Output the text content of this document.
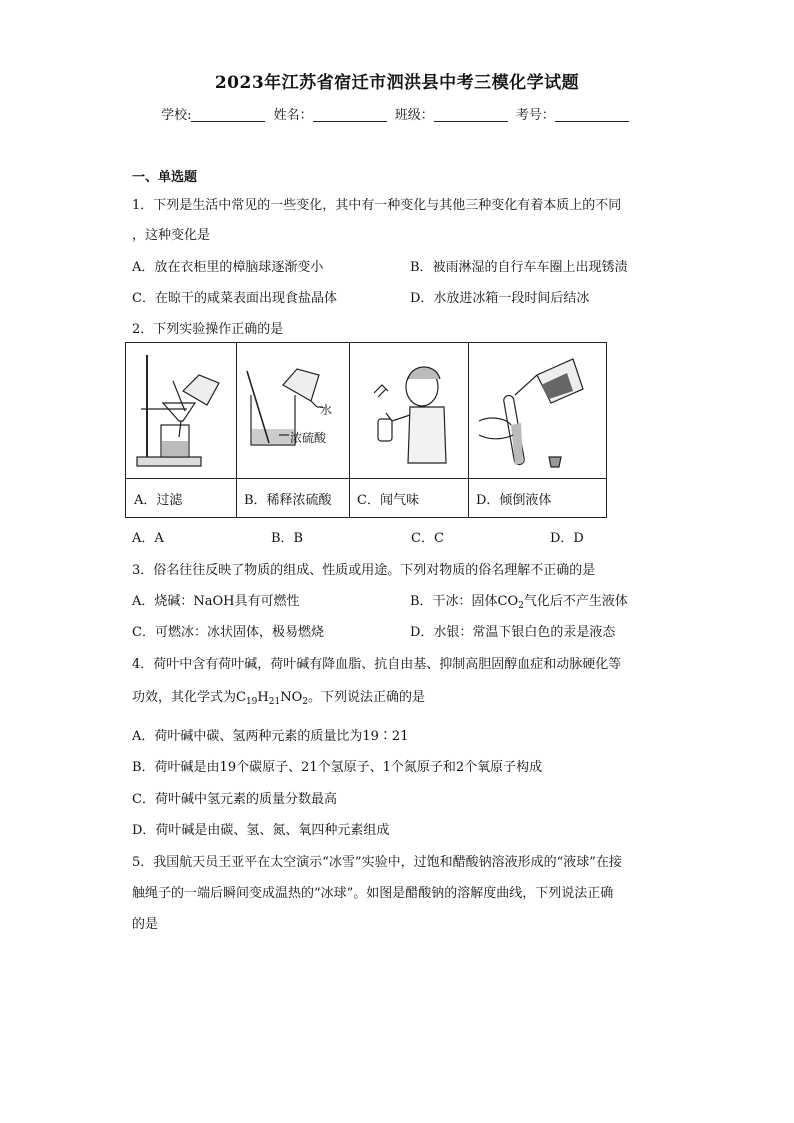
2023年江苏省宿迁市泗洪县中考三模化学试题
学校:	姓名：	班级：	考号：
一、单选题
1．下列是生活中常见的一些变化，其中有一种变化与其他三种变化有着本质上的不同
，这种变化是
A．放在衣柜里的樟脑球逐渐变小	B．被雨淋湿的自行车车圈上出现锈渍
C．在晾干的咸菜表面出现食盐晶体	D．水放进冰箱一段时间后结冰
2．下列实验操作正确的是
水
浓硫酸
A．过滤	B．稀释浓硫酸 C．闻气味	D．倾倒液体
A．A	B．B	C．C	D．D
3．俗名往往反映了物质的组成、性质或用途。下列对物质的俗名理解不正确的是
A．烧碱：NaOH具有可燃性	B．干冰：固体$CO_2$气化后不产生液体
C．可燃冰：冰状固体，极易燃烧	D．水银：常温下银白色的汞是液态
4．荷叶中含有荷叶碱，荷叶碱有降血脂、抗自由基、抑制高胆固醇血症和动脉硬化等
功效，其化学式为$C_{19}H_{21}NO_2$。下列说法正确的是
A．荷叶碱中碳、氢两种元素的质量比为19∶21
B．荷叶碱是由19个碳原子、21个氢原子、1个氮原子和2个氧原子构成
C．荷叶碱中氢元素的质量分数最高
D．荷叶碱是由碳、氢、氮、氧四种元素组成
5．我国航天员王亚平在太空演示“冰雪”实验中，过饱和醋酸钠溶液形成的“液球”在接
触绳子的一端后瞬间变成温热的“冰球”。如图是醋酸钠的溶解度曲线，下列说法正确
的是
